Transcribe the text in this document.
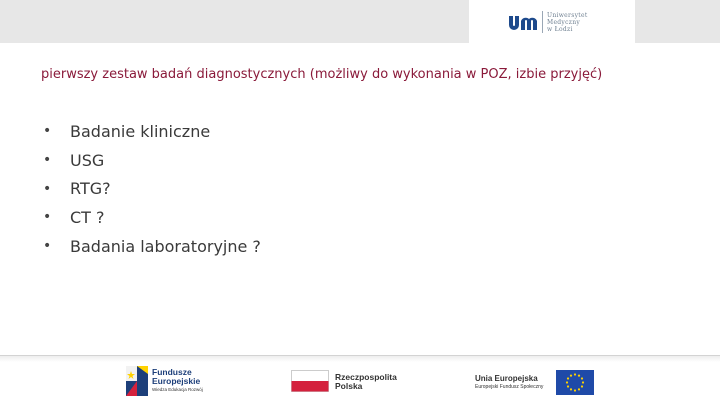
Uniwersytet
Medyczny
w Łodzi
pierwszy zestaw badań diagnostycznych (możliwy do wykonania w POZ, izbie przyjęć)
•	Badanie kliniczne
•	USG
•	RTG?
•	CT ?
•	Badania laboratoryjne ?
Fundusze
Europejskie
Wiedza Edukacja Rozwój
Rzeczpospolita
Polska
Unia Europejska
Europejski Fundusz Społeczny
